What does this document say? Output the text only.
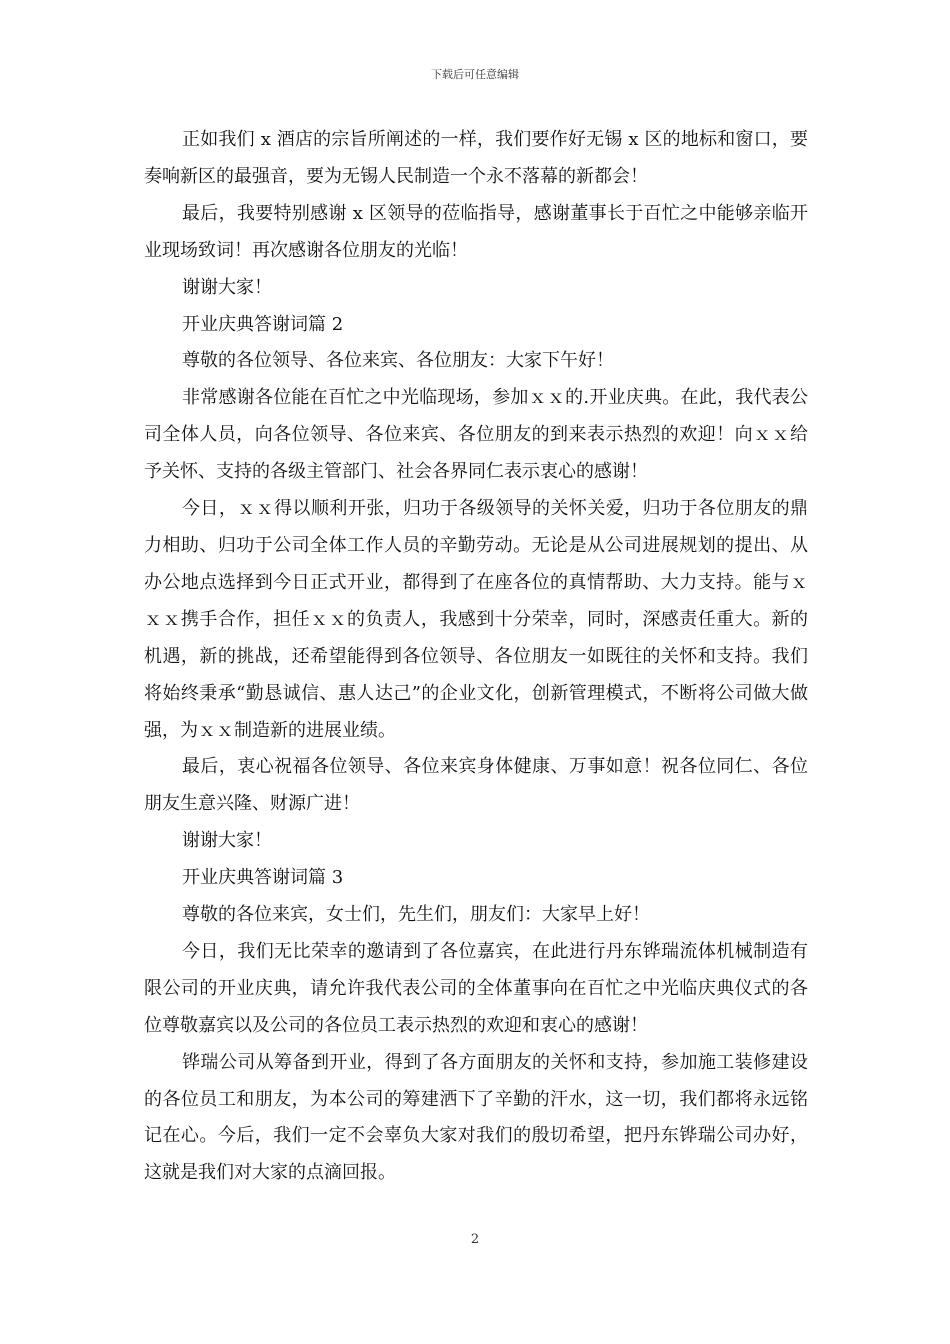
下载后可任意编辑

正如我们 x 酒店的宗旨所阐述的一样，我们要作好无锡 x 区的地标和窗口，要奏响新区的最强音，要为无锡人民制造一个永不落幕的新都会！

最后，我要特别感谢 x 区领导的莅临指导，感谢董事长于百忙之中能够亲临开业现场致词！再次感谢各位朋友的光临！

谢谢大家！

开业庆典答谢词篇 2

尊敬的各位领导、各位来宾、各位朋友：大家下午好！

非常感谢各位能在百忙之中光临现场，参加ｘｘ的.开业庆典。在此，我代表公司全体人员，向各位领导、各位来宾、各位朋友的到来表示热烈的欢迎！向ｘｘ给予关怀、支持的各级主管部门、社会各界同仁表示衷心的感谢！

今日，ｘｘ得以顺利开张，归功于各级领导的关怀关爱，归功于各位朋友的鼎力相助、归功于公司全体工作人员的辛勤劳动。无论是从公司进展规划的提出、从办公地点选择到今日正式开业，都得到了在座各位的真情帮助、大力支持。能与ｘｘｘ携手合作，担任ｘｘ的负责人，我感到十分荣幸，同时，深感责任重大。新的机遇，新的挑战，还希望能得到各位领导、各位朋友一如既往的关怀和支持。我们将始终秉承“勤恳诚信、惠人达己”的企业文化，创新管理模式，不断将公司做大做强，为ｘｘ制造新的进展业绩。

最后，衷心祝福各位领导、各位来宾身体健康、万事如意！祝各位同仁、各位朋友生意兴隆、财源广进！

谢谢大家！

开业庆典答谢词篇 3

尊敬的各位来宾，女士们，先生们，朋友们：大家早上好！

今日，我们无比荣幸的邀请到了各位嘉宾，在此进行丹东铧瑞流体机械制造有限公司的开业庆典，请允许我代表公司的全体董事向在百忙之中光临庆典仪式的各位尊敬嘉宾以及公司的各位员工表示热烈的欢迎和衷心的感谢！

铧瑞公司从筹备到开业，得到了各方面朋友的关怀和支持，参加施工装修建设的各位员工和朋友，为本公司的筹建洒下了辛勤的汗水，这一切，我们都将永远铭记在心。今后，我们一定不会辜负大家对我们的殷切希望，把丹东铧瑞公司办好，这就是我们对大家的点滴回报。

2
